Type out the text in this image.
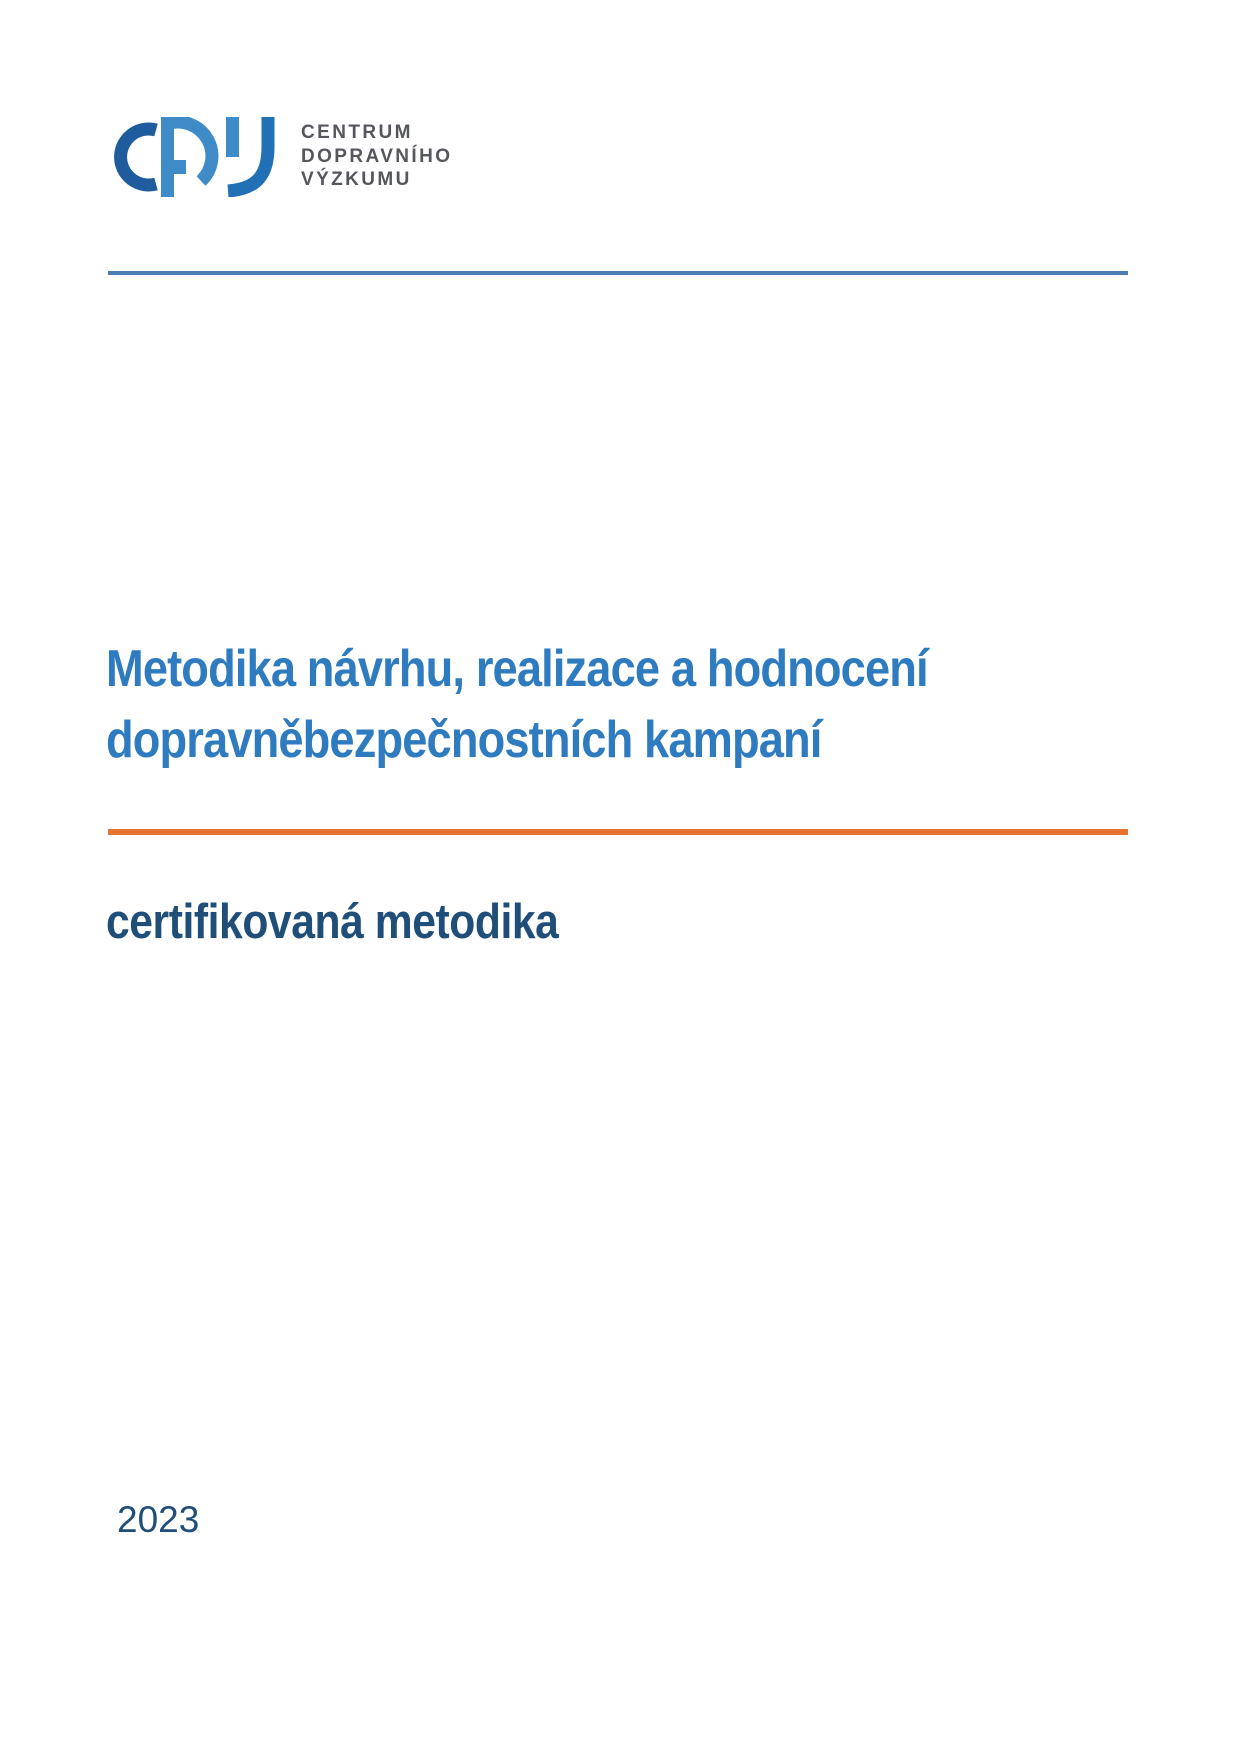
CENTRUM
DOPRAVNÍHO
VÝZKUMU
Metodika návrhu, realizace a hodnocení
dopravněbezpečnostních kampaní
certifikovaná metodika
2023
